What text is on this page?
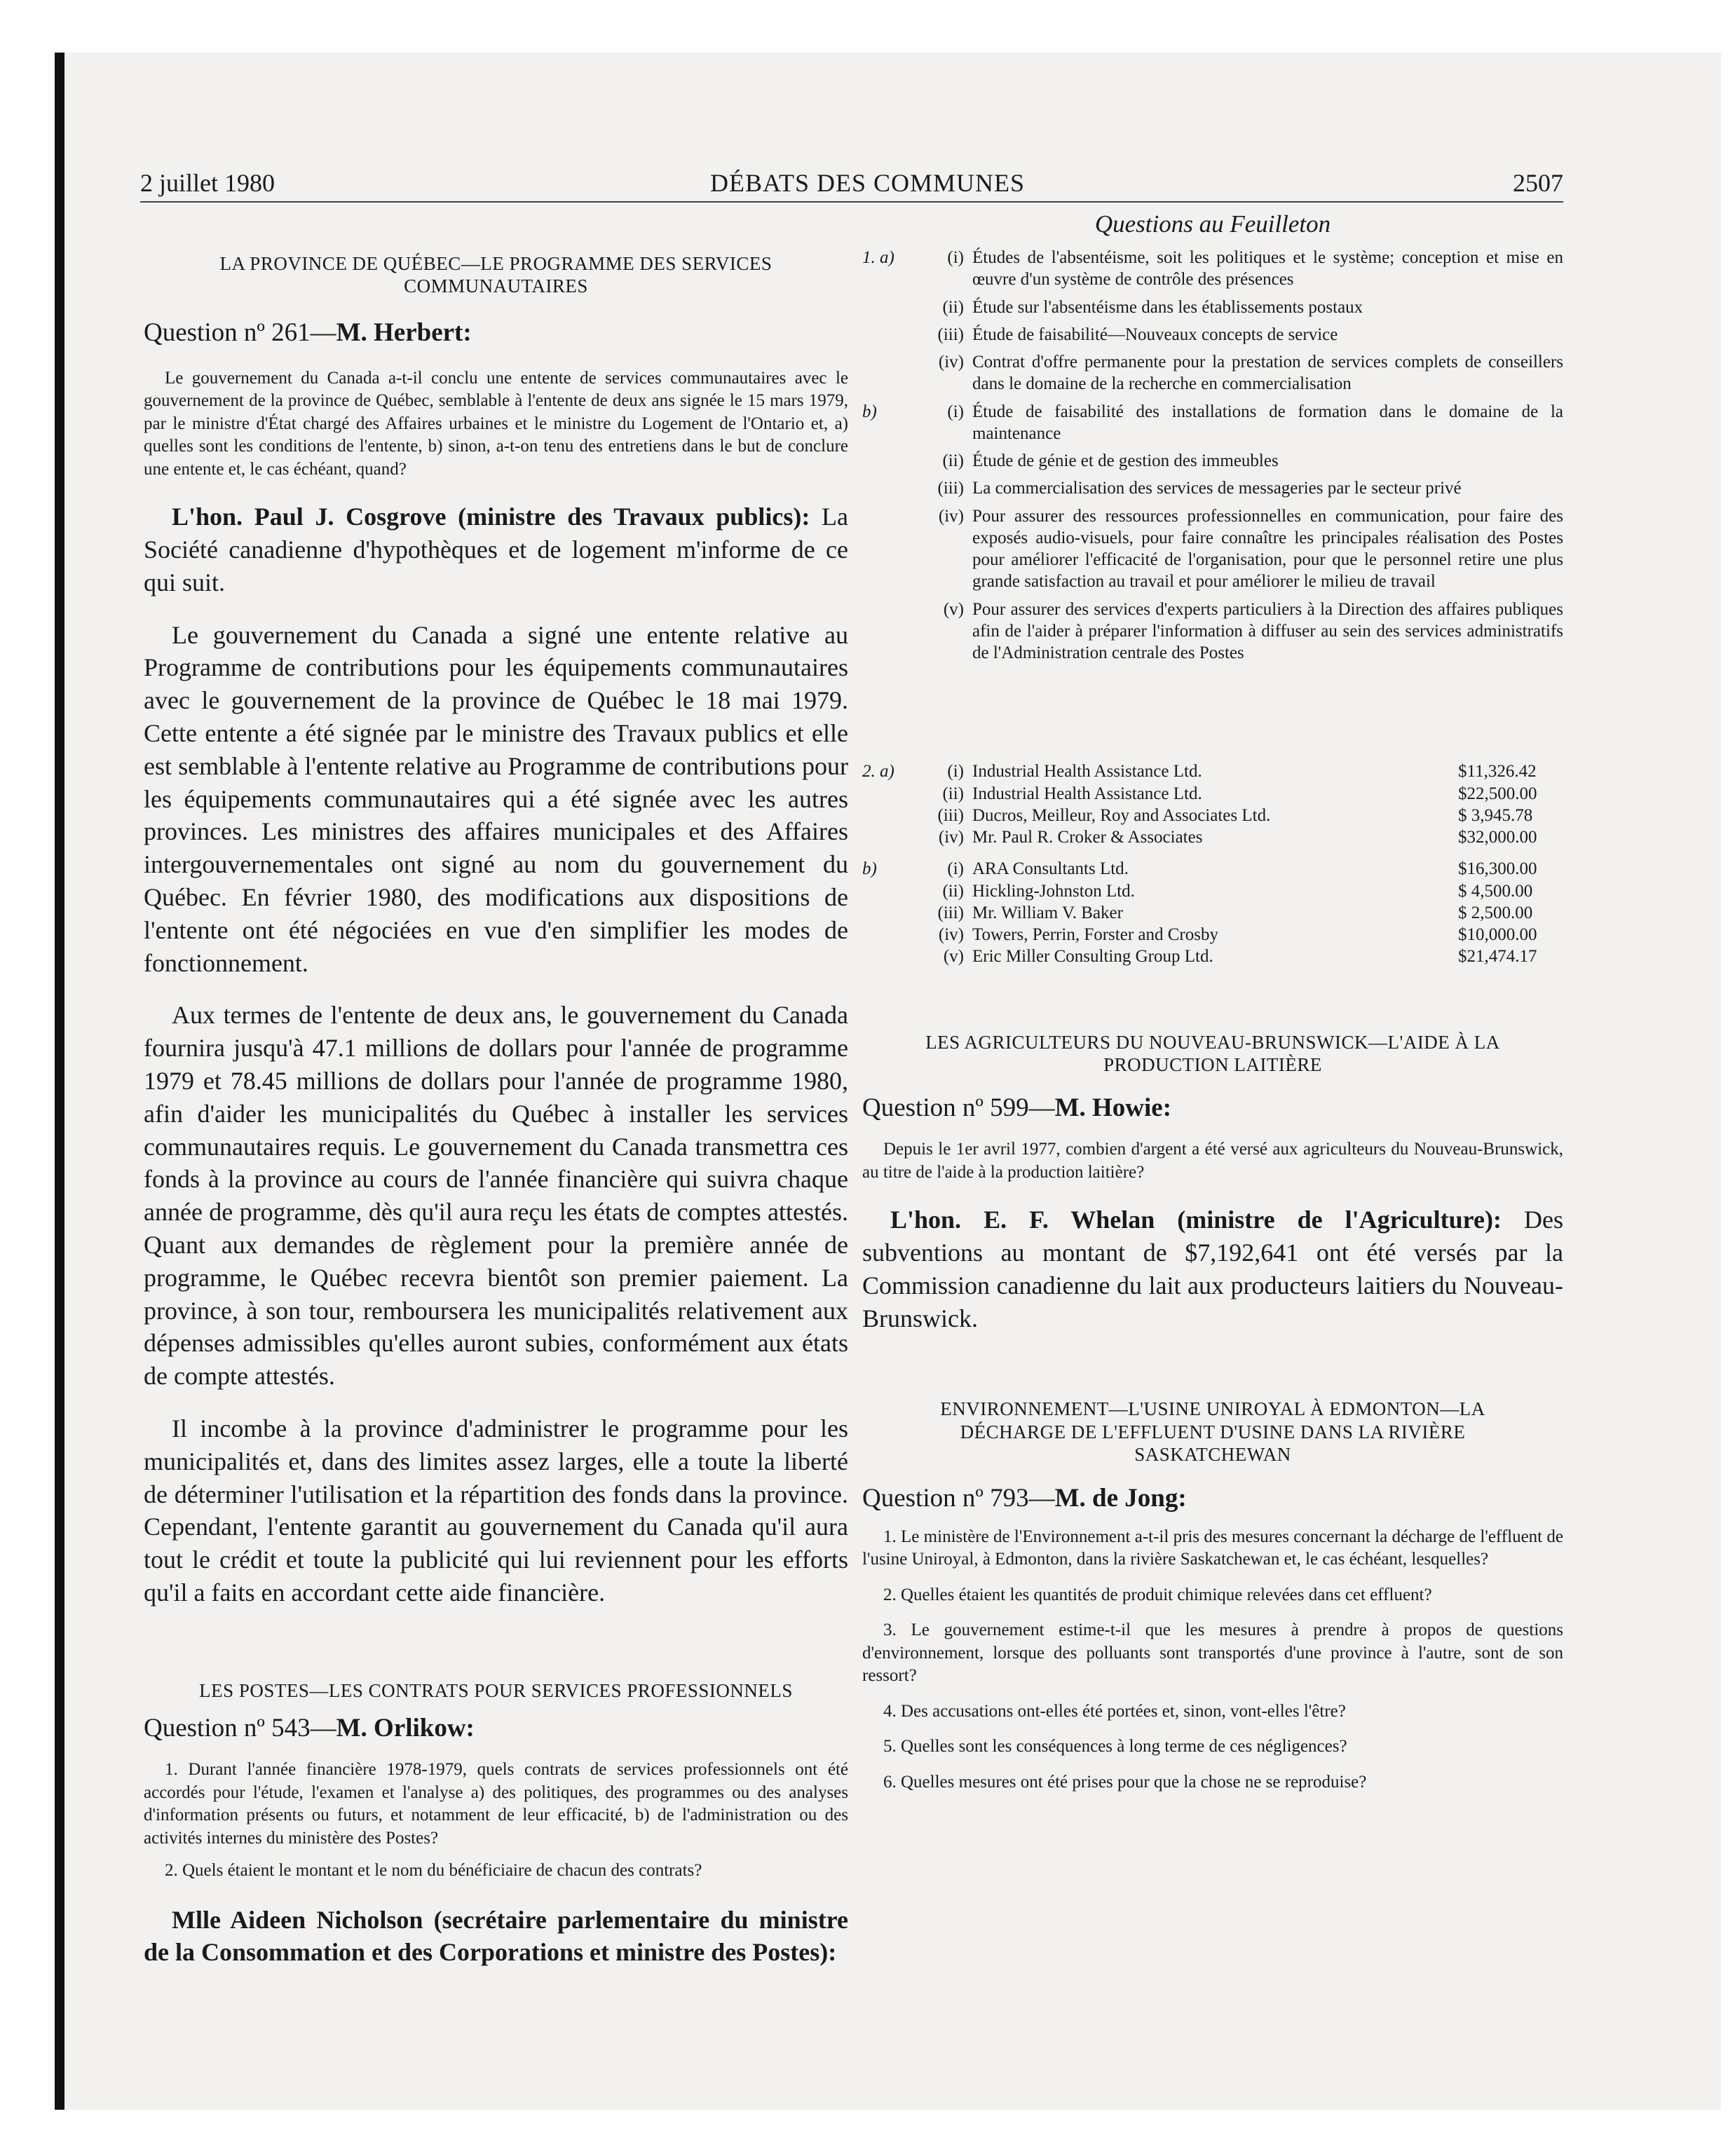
2 juillet 1980	DÉBATS DES COMMUNES	2507
LA PROVINCE DE QUÉBEC—LE PROGRAMME DES SERVICES COMMUNAUTAIRES

Question nº 261—M. Herbert:

Le gouvernement du Canada a-t-il conclu une entente de services communautaires avec le gouvernement de la province de Québec, semblable à l'entente de deux ans signée le 15 mars 1979, par le ministre d'État chargé des Affaires urbaines et le ministre du Logement de l'Ontario et, a) quelles sont les conditions de l'entente, b) sinon, a-t-on tenu des entretiens dans le but de conclure une entente et, le cas échéant, quand?

L'hon. Paul J. Cosgrove (ministre des Travaux publics): La Société canadienne d'hypothèques et de logement m'informe de ce qui suit.

Le gouvernement du Canada a signé une entente relative au Programme de contributions pour les équipements communautaires avec le gouvernement de la province de Québec le 18 mai 1979. Cette entente a été signée par le ministre des Travaux publics et elle est semblable à l'entente relative au Programme de contributions pour les équipements communautaires qui a été signée avec les autres provinces. Les ministres des affaires municipales et des Affaires intergouvernementales ont signé au nom du gouvernement du Québec. En février 1980, des modifications aux dispositions de l'entente ont été négociées en vue d'en simplifier les modes de fonctionnement.

Aux termes de l'entente de deux ans, le gouvernement du Canada fournira jusqu'à 47.1 millions de dollars pour l'année de programme 1979 et 78.45 millions de dollars pour l'année de programme 1980, afin d'aider les municipalités du Québec à installer les services communautaires requis. Le gouvernement du Canada transmettra ces fonds à la province au cours de l'année financière qui suivra chaque année de programme, dès qu'il aura reçu les états de comptes attestés. Quant aux demandes de règlement pour la première année de programme, le Québec recevra bientôt son premier paiement. La province, à son tour, remboursera les municipalités relativement aux dépenses admissibles qu'elles auront subies, conformément aux états de compte attestés.

Il incombe à la province d'administrer le programme pour les municipalités et, dans des limites assez larges, elle a toute la liberté de déterminer l'utilisation et la répartition des fonds dans la province. Cependant, l'entente garantit au gouvernement du Canada qu'il aura tout le crédit et toute la publicité qui lui reviennent pour les efforts qu'il a faits en accordant cette aide financière.

LES POSTES—LES CONTRATS POUR SERVICES PROFESSIONNELS

Question nº 543—M. Orlikow:

1. Durant l'année financière 1978-1979, quels contrats de services professionnels ont été accordés pour l'étude, l'examen et l'analyse a) des politiques, des programmes ou des analyses d'information présents ou futurs, et notamment de leur efficacité, b) de l'administration ou des activités internes du ministère des Postes?

2. Quels étaient le montant et le nom du bénéficiaire de chacun des contrats?

Mlle Aideen Nicholson (secrétaire parlementaire du ministre de la Consommation et des Corporations et ministre des Postes):

Questions au Feuilleton

1. a)	(i) Études de l'absentéisme, soit les politiques et le système; conception et mise en œuvre d'un système de contrôle des présences
(ii) Étude sur l'absentéisme dans les établissements postaux
(iii) Étude de faisabilité—Nouveaux concepts de service
(iv) Contrat d'offre permanente pour la prestation de services complets de conseillers dans le domaine de la recherche en commercialisation
b)	(i) Étude de faisabilité des installations de formation dans le domaine de la maintenance
(ii) Étude de génie et de gestion des immeubles
(iii) La commercialisation des services de messageries par le secteur privé
(iv) Pour assurer des ressources professionnelles en communication, pour faire des exposés audio-visuels, pour faire connaître les principales réalisation des Postes pour améliorer l'efficacité de l'organisation, pour que le personnel retire une plus grande satisfaction au travail et pour améliorer le milieu de travail
(v) Pour assurer des services d'experts particuliers à la Direction des affaires publiques afin de l'aider à préparer l'information à diffuser au sein des services administratifs de l'Administration centrale des Postes
2. a)	(i) Industrial Health Assistance Ltd.	$11,326.42
(ii) Industrial Health Assistance Ltd.	$22,500.00
(iii) Ducros, Meilleur, Roy and Associates Ltd.	$ 3,945.78
(iv) Mr. Paul R. Croker & Associates	$32,000.00
b)	(i) ARA Consultants Ltd.	$16,300.00
(ii) Hickling-Johnston Ltd.	$ 4,500.00
(iii) Mr. William V. Baker	$ 2,500.00
(iv) Towers, Perrin, Forster and Crosby	$10,000.00
(v) Eric Miller Consulting Group Ltd.	$21,474.17
LES AGRICULTEURS DU NOUVEAU-BRUNSWICK—L'AIDE À LA PRODUCTION LAITIÈRE

Question nº 599—M. Howie:

Depuis le 1er avril 1977, combien d'argent a été versé aux agriculteurs du Nouveau-Brunswick, au titre de l'aide à la production laitière?

L'hon. E. F. Whelan (ministre de l'Agriculture): Des subventions au montant de $7,192,641 ont été versés par la Commission canadienne du lait aux producteurs laitiers du Nouveau-Brunswick.

ENVIRONNEMENT—L'USINE UNIROYAL À EDMONTON—LA DÉCHARGE DE L'EFFLUENT D'USINE DANS LA RIVIÈRE SASKATCHEWAN

Question nº 793—M. de Jong:

1. Le ministère de l'Environnement a-t-il pris des mesures concernant la décharge de l'effluent de l'usine Uniroyal, à Edmonton, dans la rivière Saskatchewan et, le cas échéant, lesquelles?

2. Quelles étaient les quantités de produit chimique relevées dans cet effluent?

3. Le gouvernement estime-t-il que les mesures à prendre à propos de questions d'environnement, lorsque des polluants sont transportés d'une province à l'autre, sont de son ressort?

4. Des accusations ont-elles été portées et, sinon, vont-elles l'être?

5. Quelles sont les conséquences à long terme de ces négligences?

6. Quelles mesures ont été prises pour que la chose ne se reproduise?
